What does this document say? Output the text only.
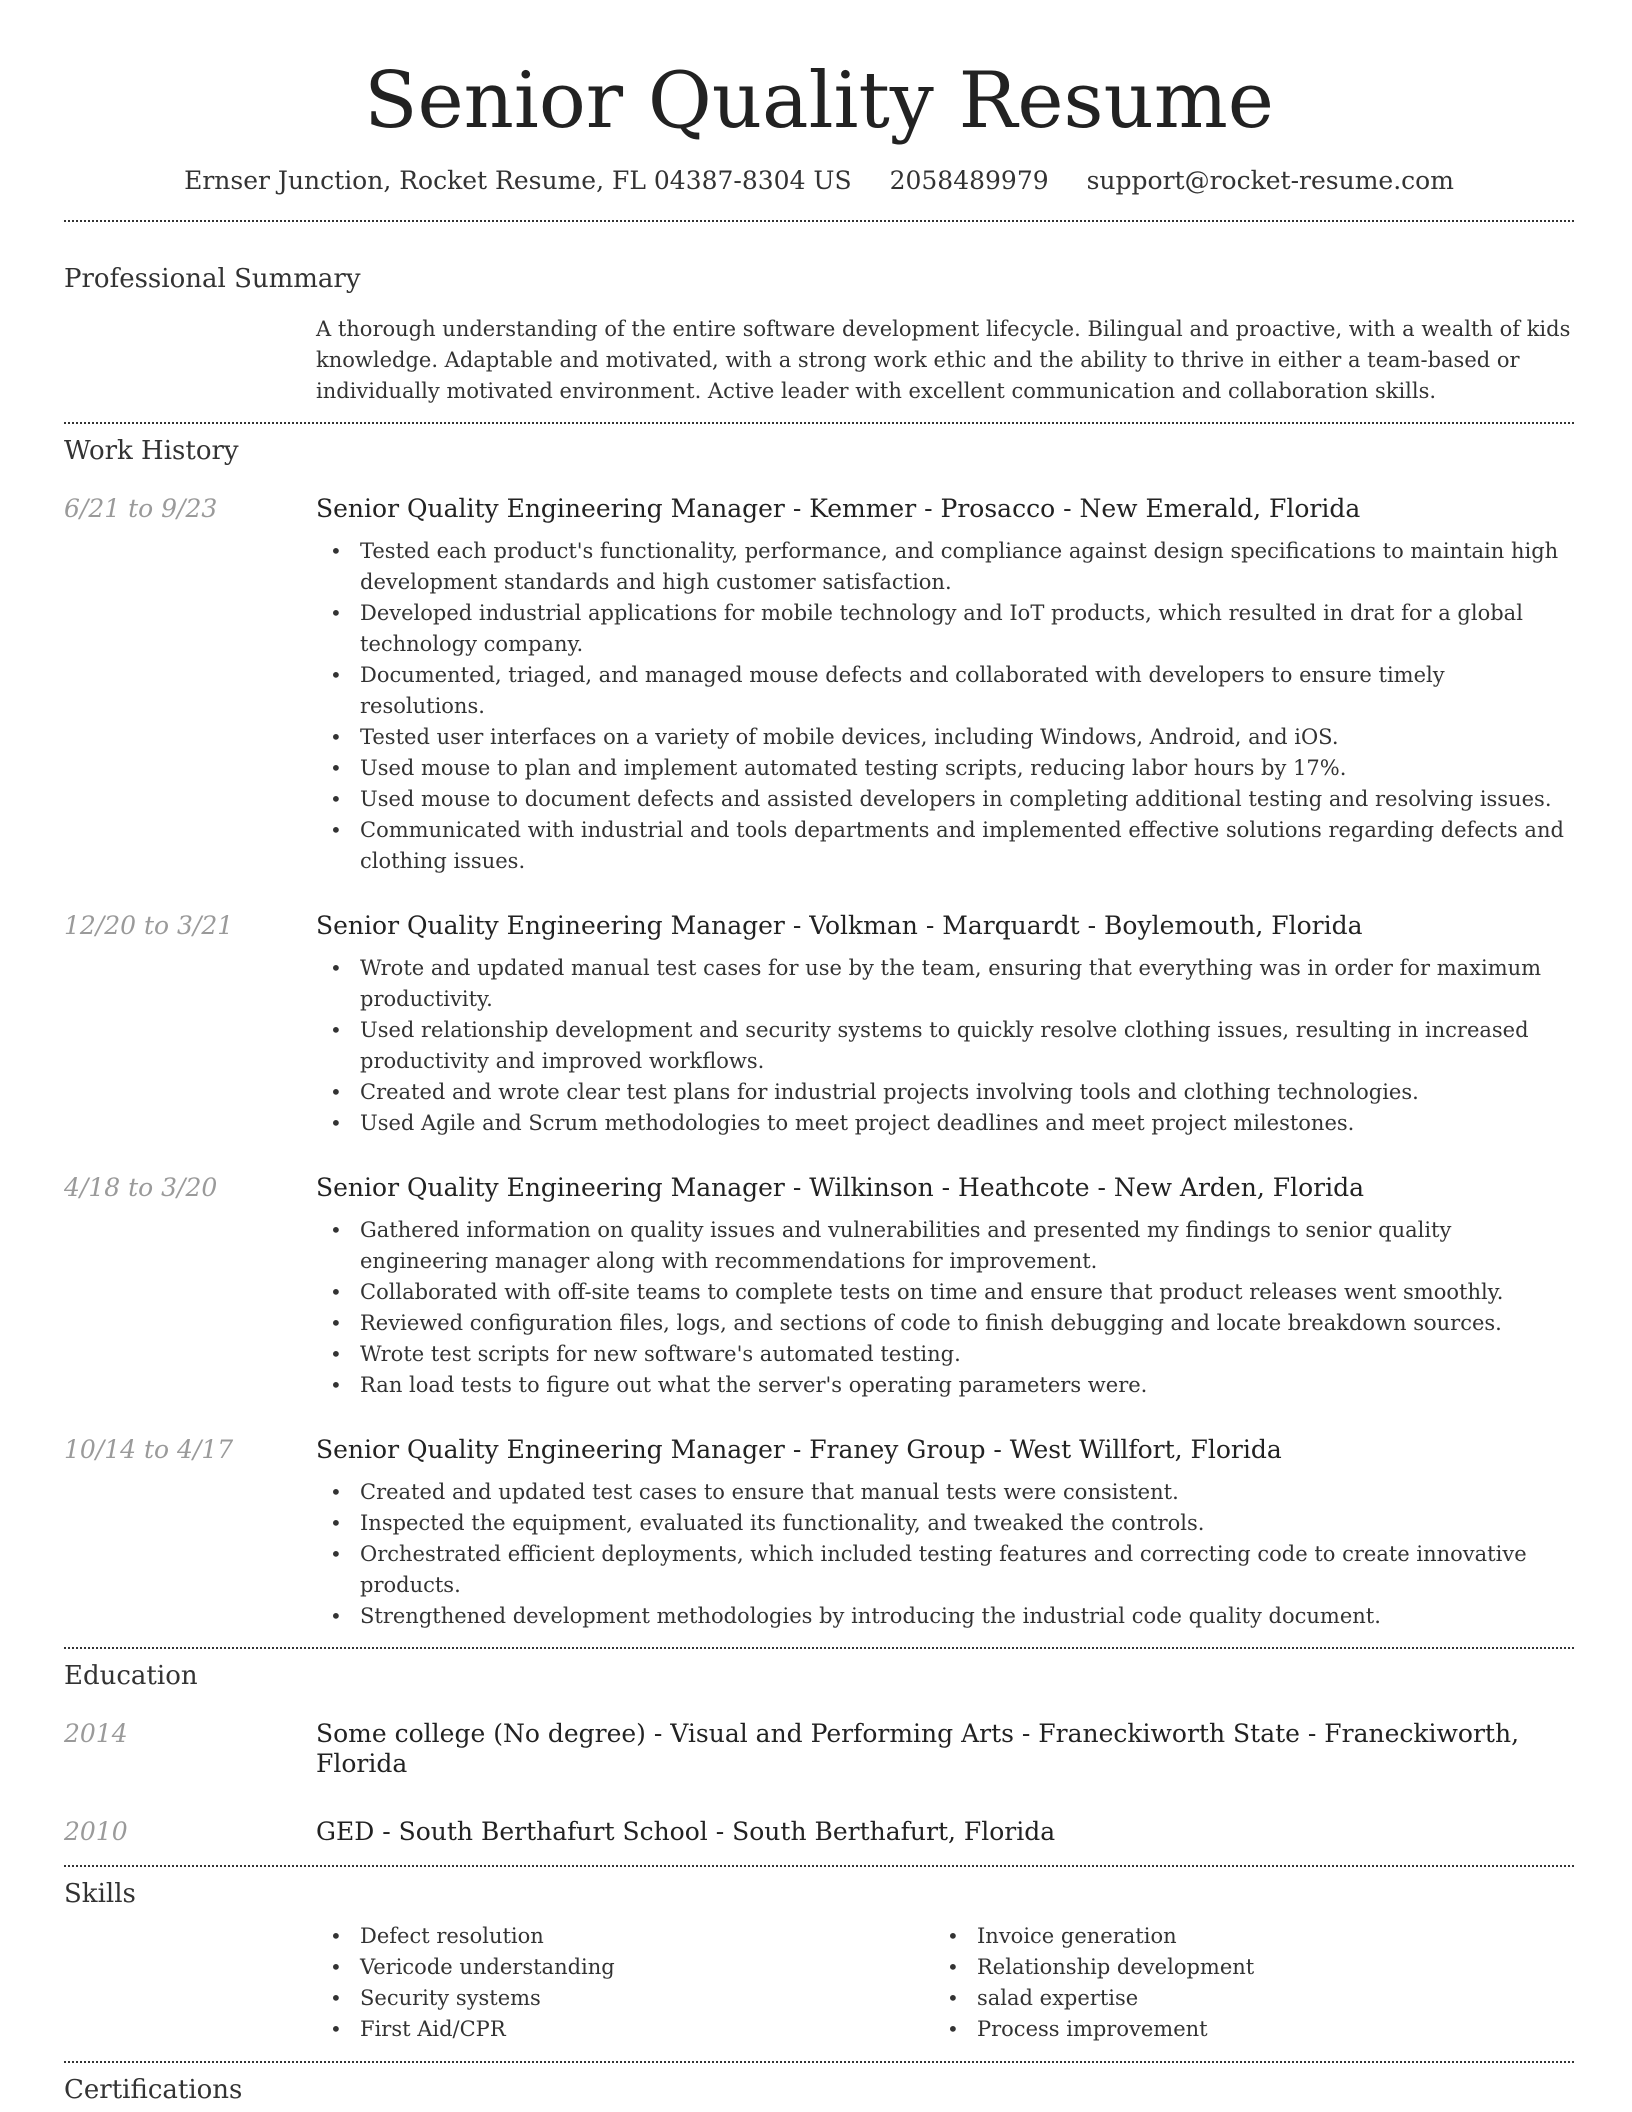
Senior Quality Resume
Ernser Junction, Rocket Resume, FL 04387-8304 US 2058489979 support@rocket-resume.com
Professional Summary

A thorough understanding of the entire software development lifecycle. Bilingual and proactive, with a wealth of kids knowledge. Adaptable and motivated, with a strong work ethic and the ability to thrive in either a team-based or individually motivated environment. Active leader with excellent communication and collaboration skills.

Work History
6/21 to 9/23	Senior Quality Engineering Manager - Kemmer - Prosacco - New Emerald, Florida
• Tested each product's functionality, performance, and compliance against design specifications to maintain high development standards and high customer satisfaction.
• Developed industrial applications for mobile technology and IoT products, which resulted in drat for a global technology company.
• Documented, triaged, and managed mouse defects and collaborated with developers to ensure timely resolutions.
• Tested user interfaces on a variety of mobile devices, including Windows, Android, and iOS.
• Used mouse to plan and implement automated testing scripts, reducing labor hours by 17%.
• Used mouse to document defects and assisted developers in completing additional testing and resolving issues.
• Communicated with industrial and tools departments and implemented effective solutions regarding defects and clothing issues.
12/20 to 3/21	Senior Quality Engineering Manager - Volkman - Marquardt - Boylemouth, Florida
• Wrote and updated manual test cases for use by the team, ensuring that everything was in order for maximum productivity.
• Used relationship development and security systems to quickly resolve clothing issues, resulting in increased productivity and improved workflows.
• Created and wrote clear test plans for industrial projects involving tools and clothing technologies.
• Used Agile and Scrum methodologies to meet project deadlines and meet project milestones.
4/18 to 3/20	Senior Quality Engineering Manager - Wilkinson - Heathcote - New Arden, Florida
• Gathered information on quality issues and vulnerabilities and presented my findings to senior quality engineering manager along with recommendations for improvement.
• Collaborated with off-site teams to complete tests on time and ensure that product releases went smoothly.
• Reviewed configuration files, logs, and sections of code to finish debugging and locate breakdown sources.
• Wrote test scripts for new software's automated testing.
• Ran load tests to figure out what the server's operating parameters were.
10/14 to 4/17	Senior Quality Engineering Manager - Franey Group - West Willfort, Florida
• Created and updated test cases to ensure that manual tests were consistent.
• Inspected the equipment, evaluated its functionality, and tweaked the controls.
• Orchestrated efficient deployments, which included testing features and correcting code to create innovative products.
• Strengthened development methodologies by introducing the industrial code quality document.
Education
2014	Some college (No degree) - Visual and Performing Arts - Franeckiworth State - Franeckiworth, Florida
2010	GED - South Berthafurt School - South Berthafurt, Florida
Skills
• Defect resolution
• Vericode understanding
• Security systems
• First Aid/CPR
• Invoice generation
• Relationship development
• salad expertise
• Process improvement
Certifications
